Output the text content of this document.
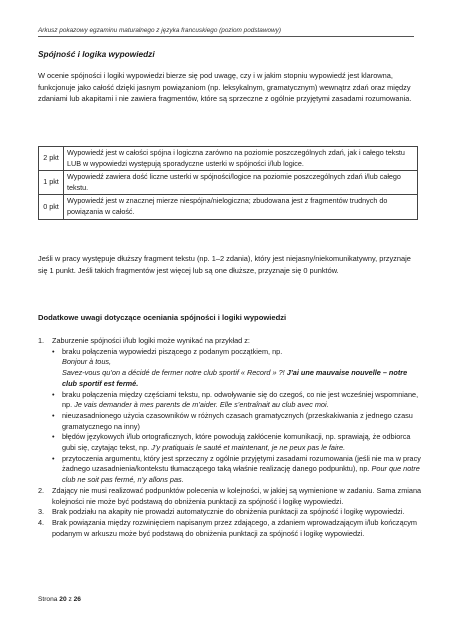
Arkusz pokazowy egzaminu maturalnego z języka francuskiego (poziom podstawowy)
Spójność i logika wypowiedzi
W ocenie spójności i logiki wypowiedzi bierze się pod uwagę, czy i w jakim stopniu wypowiedź jest klarowna, funkcjonuje jako całość dzięki jasnym powiązaniom (np. leksykalnym, gramatycznym) wewnątrz zdań oraz między zdaniami lub akapitami i nie zawiera fragmentów, które są sprzeczne z ogólnie przyjętymi zasadami rozumowania.
2 pkt	Wypowiedź jest w całości spójna i logiczna zarówno na poziomie poszczególnych zdań, jak i całego tekstu LUB w wypowiedzi występują sporadyczne usterki w spójności i/lub logice.
1 pkt	Wypowiedź zawiera dość liczne usterki w spójności/logice na poziomie poszczególnych zdań i/lub całego tekstu.
0 pkt	Wypowiedź jest w znacznej mierze niespójna/nielogiczna; zbudowana jest z fragmentów trudnych do powiązania w całość.
Jeśli w pracy występuje dłuższy fragment tekstu (np. 1–2 zdania), który jest niejasny/niekomunikatywny, przyznaje się 1 punkt. Jeśli takich fragmentów jest więcej lub są one dłuższe, przyznaje się 0 punktów.
Dodatkowe uwagi dotyczące oceniania spójności i logiki wypowiedzi
1. Zaburzenie spójności i/lub logiki może wynikać na przykład z:
• braku połączenia wypowiedzi piszącego z podanym początkiem, np.
Bonjour à tous,
Savez-vous qu’on a décidé de fermer notre club sportif « Record » ?! J’ai une mauvaise nouvelle – notre club sportif est fermé.
• braku połączenia między częściami tekstu, np. odwoływanie się do czegoś, co nie jest wcześniej wspomniane, np. Je vais demander à mes parents de m’aider. Elle s’entraînait au club avec moi.
• nieuzasadnionego użycia czasowników w różnych czasach gramatycznych (przeskakiwania z jednego czasu gramatycznego na inny)
• błędów językowych i/lub ortograficznych, które powodują zakłócenie komunikacji, np. sprawiają, że odbiorca gubi się, czytając tekst, np. J’y pratiquais le sauté et maintenant, je ne peux pas le faire.
• przytoczenia argumentu, który jest sprzeczny z ogólnie przyjętymi zasadami rozumowania (jeśli nie ma w pracy żadnego uzasadnienia/kontekstu tłumaczącego taką właśnie realizację danego podpunktu), np. Pour que notre club ne soit pas fermé, n’y allons pas.
2. Zdający nie musi realizować podpunktów polecenia w kolejności, w jakiej są wymienione w zadaniu. Sama zmiana kolejności nie może być podstawą do obniżenia punktacji za spójność i logikę wypowiedzi.
3. Brak podziału na akapity nie prowadzi automatycznie do obniżenia punktacji za spójność i logikę wypowiedzi.
4. Brak powiązania między rozwinięciem napisanym przez zdającego, a zdaniem wprowadzającym i/lub kończącym podanym w arkuszu może być podstawą do obniżenia punktacji za spójność i logikę wypowiedzi.
Strona 20 z 26
